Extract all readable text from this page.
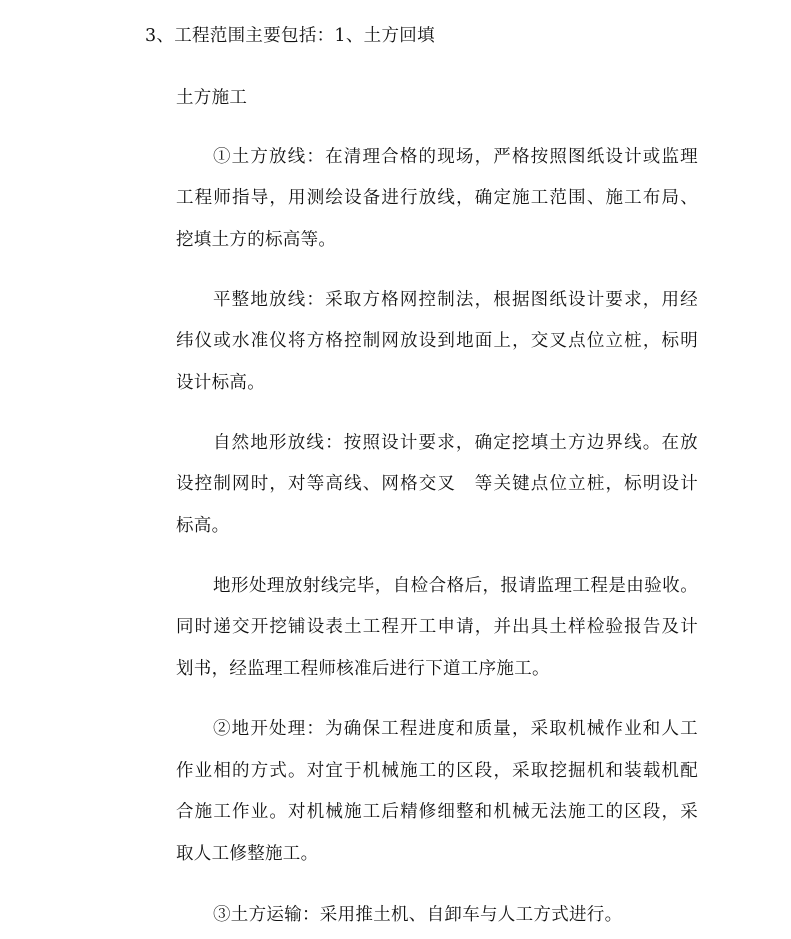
3、工程范围主要包括：1、土方回填
土方施工
①土方放线：在清理合格的现场，严格按照图纸设计或监理
工程师指导，用测绘设备进行放线，确定施工范围、施工布局、
挖填土方的标高等。
平整地放线：采取方格网控制法，根据图纸设计要求，用经
纬仪或水准仪将方格控制网放设到地面上，交叉点位立桩，标明
设计标高。
自然地形放线：按照设计要求，确定挖填土方边界线。在放
设控制网时，对等高线、网格交叉　等关键点位立桩，标明设计
标高。
地形处理放射线完毕，自检合格后，报请监理工程是由验收。
同时递交开挖铺设表土工程开工申请，并出具土样检验报告及计
划书，经监理工程师核准后进行下道工序施工。
②地开处理：为确保工程进度和质量，采取机械作业和人工
作业相的方式。对宜于机械施工的区段，采取挖掘机和装载机配
合施工作业。对机械施工后精修细整和机械无法施工的区段，采
取人工修整施工。
③土方运输：采用推土机、自卸车与人工方式进行。
